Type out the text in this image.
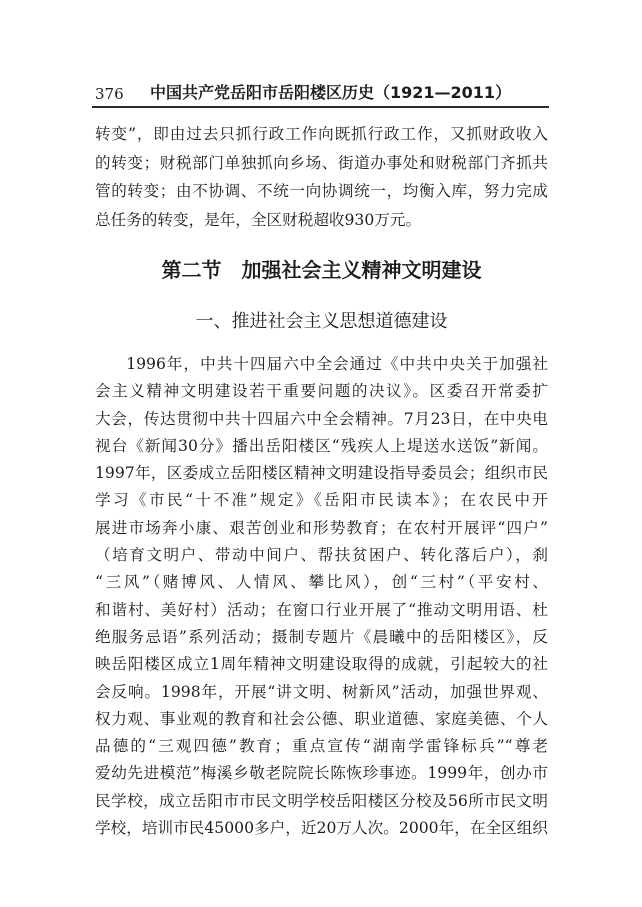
376 中国共产党岳阳市岳阳楼区历史（1921—2011）
转变”，即由过去只抓行政工作向既抓行政工作，又抓财政收入
的转变；财税部门单独抓向乡场、街道办事处和财税部门齐抓共
管的转变；由不协调、不统一向协调统一，均衡入库，努力完成
总任务的转变，是年，全区财税超收930万元。
第二节　加强社会主义精神文明建设
一、推进社会主义思想道德建设
1996年，中共十四届六中全会通过《中共中央关于加强社
会主义精神文明建设若干重要问题的决议》。区委召开常委扩
大会，传达贯彻中共十四届六中全会精神。7月23日，在中央电
视台《新闻30分》播出岳阳楼区“残疾人上堤送水送饭”新闻。
1997年，区委成立岳阳楼区精神文明建设指导委员会；组织市民
学习《市民“十不准”规定》《岳阳市民读本》；在农民中开
展进市场奔小康、艰苦创业和形势教育；在农村开展评“四户”
（培育文明户、带动中间户、帮扶贫困户、转化落后户），刹
“三风”（赌博风、人情风、攀比风），创“三村”（平安村、
和谐村、美好村）活动；在窗口行业开展了“推动文明用语、杜
绝服务忌语”系列活动；摄制专题片《晨曦中的岳阳楼区》，反
映岳阳楼区成立1周年精神文明建设取得的成就，引起较大的社
会反响。1998年，开展“讲文明、树新风”活动，加强世界观、
权力观、事业观的教育和社会公德、职业道德、家庭美德、个人
品德的“三观四德”教育；重点宣传“湖南学雷锋标兵”“尊老
爱幼先进模范”梅溪乡敬老院院长陈恢珍事迹。1999年，创办市
民学校，成立岳阳市市民文明学校岳阳楼区分校及56所市民文明
学校，培训市民45000多户，近20万人次。2000年，在全区组织
